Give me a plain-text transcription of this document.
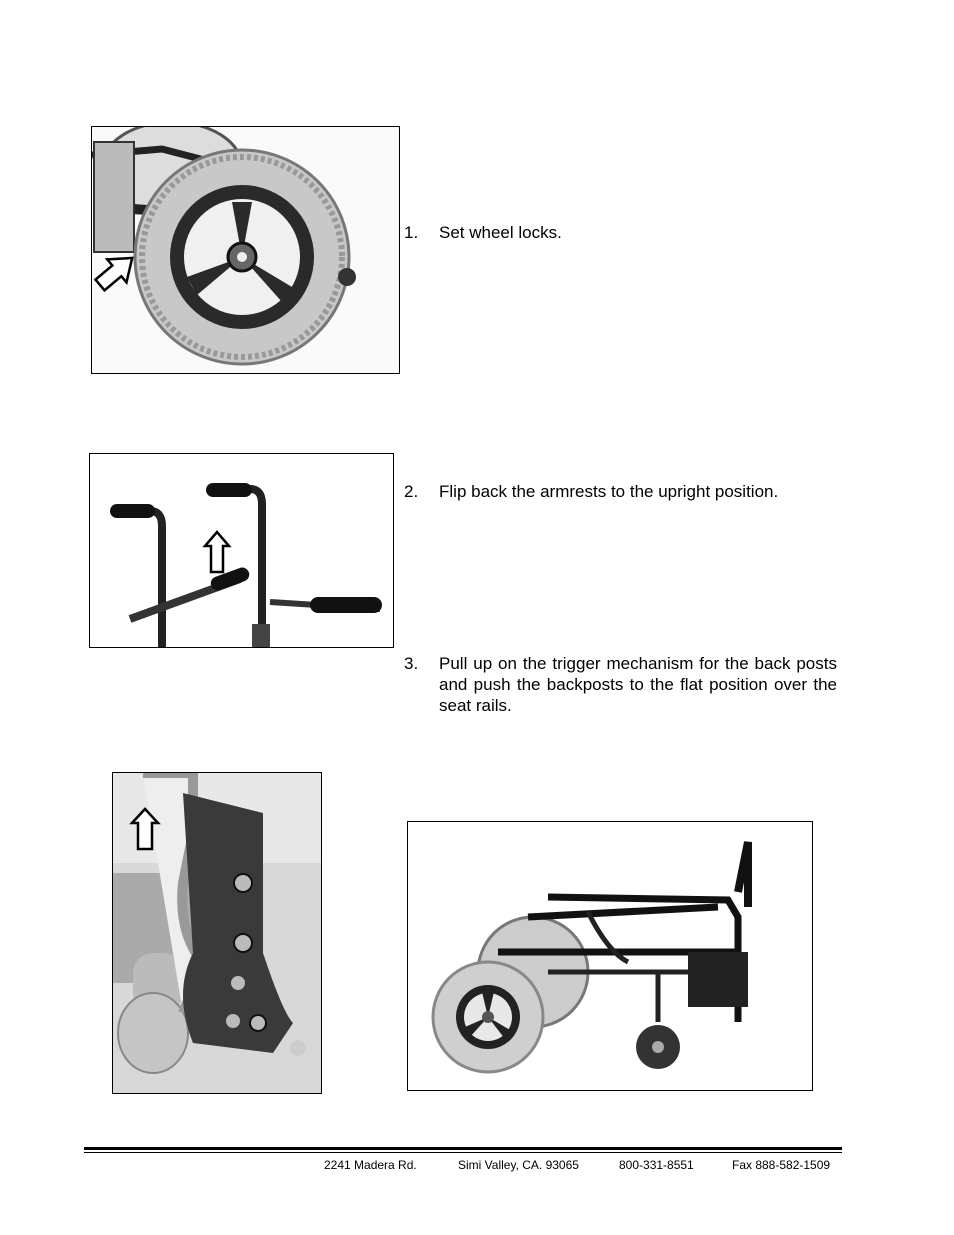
1. Set wheel locks.
2. Flip back the armrests to the upright position.
3. Pull up on the trigger mechanism for the back posts and push the backposts to the flat position over the seat rails.
2241 Madera Rd.	Simi Valley, CA. 93065	800-331-8551	Fax 888-582-1509
